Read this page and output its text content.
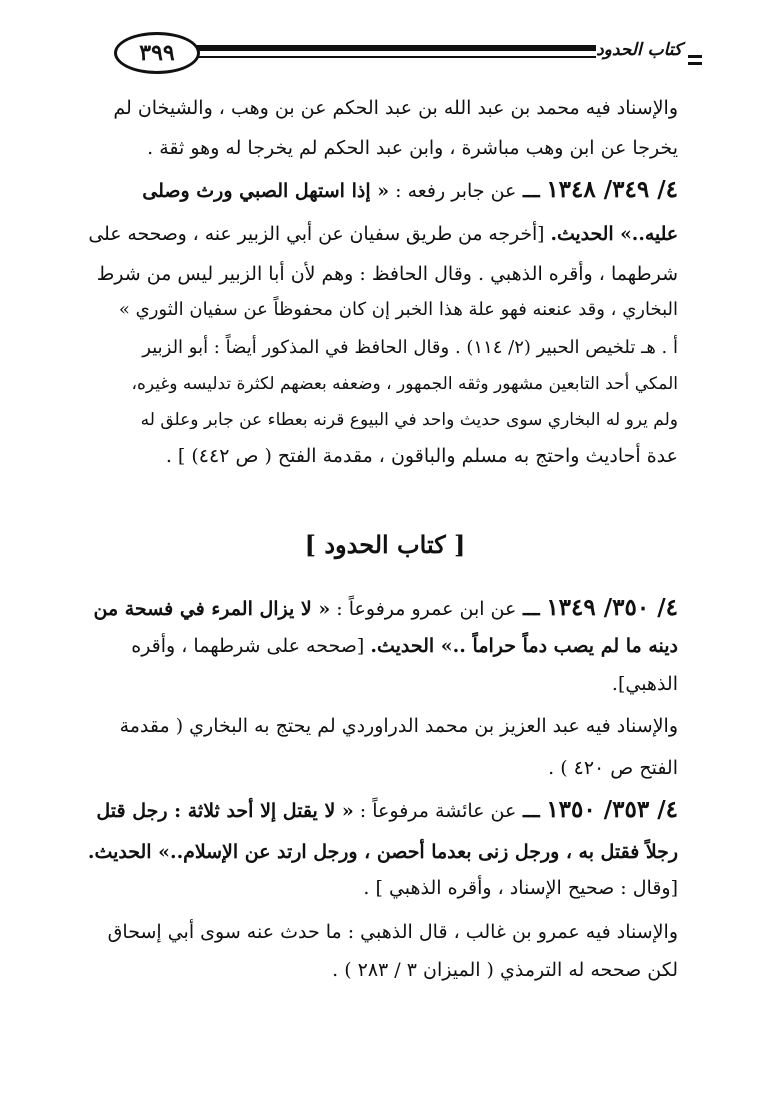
٣٩٩	كتاب الحدود
والإسناد فيه محمد بن عبد الله بن عبد الحكم عن بن وهب ، والشيخان لم
يخرجا عن ابن وهب مباشرة ، وابن عبد الحكم لم يخرجا له وهو ثقة .
٤/ ٣٤٩/ ١٣٤٨ ـــ عن جابر رفعه : « إذا استهل الصبي ورث وصلى
عليه..» الحديث. [أخرجه من طريق سفيان عن أبي الزبير عنه ، وصححه على
شرطهما ، وأقره الذهبي . وقال الحافظ : وهم لأن أبا الزبير ليس من شرط
البخاري ، وقد عنعنه فهو علة هذا الخبر إن كان محفوظاً عن سفيان الثوري »
أ . هـ تلخيص الحبير (٢/ ١١٤) . وقال الحافظ في المذكور أيضاً : أبو الزبير
المكي أحد التابعين مشهور وثقه الجمهور ، وضعفه بعضهم لكثرة تدليسه وغيره،
ولم يرو له البخاري سوى حديث واحد في البيوع قرنه بعطاء عن جابر وعلق له
عدة أحاديث واحتج به مسلم والباقون ، مقدمة الفتح ( ص ٤٤٢) ] .
[ كتاب الحدود ]
٤/ ٣٥٠/ ١٣٤٩ ـــ عن ابن عمرو مرفوعاً : « لا يزال المرء في فسحة من
دينه ما لم يصب دماً حراماً ..» الحديث. [صححه على شرطهما ، وأقره
الذهبي].
والإسناد فيه عبد العزيز بن محمد الدراوردي لم يحتج به البخاري ( مقدمة
الفتح ص ٤٢٠ ) .
٤/ ٣٥٣/ ١٣٥٠ ـــ عن عائشة مرفوعاً : « لا يقتل إلا أحد ثلاثة : رجل قتل
رجلاً فقتل به ، ورجل زنى بعدما أحصن ، ورجل ارتد عن الإسلام..» الحديث.
[وقال : صحيح الإسناد ، وأقره الذهبي ] .
والإسناد فيه عمرو بن غالب ، قال الذهبي : ما حدث عنه سوى أبي إسحاق
لكن صححه له الترمذي ( الميزان ٣ / ٢٨٣ ) .
